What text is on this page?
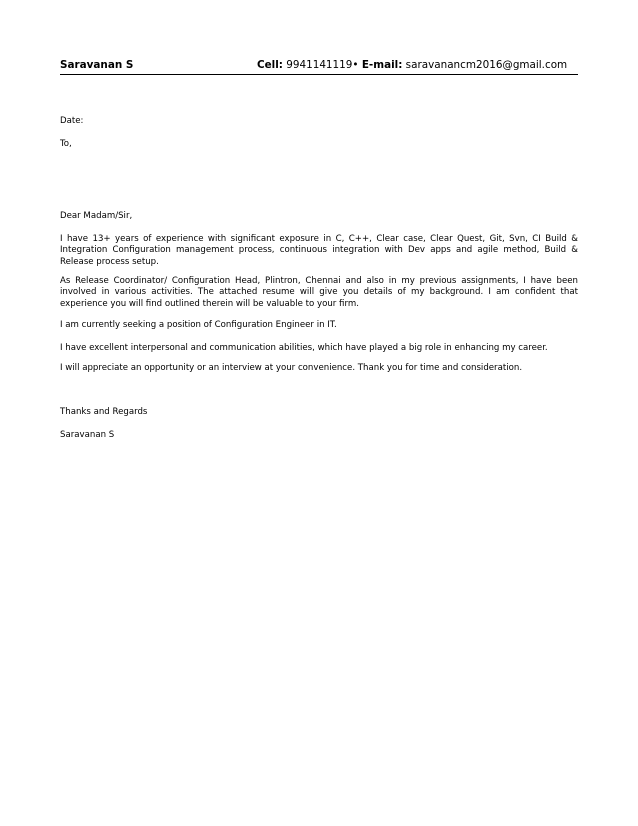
Saravanan S	Cell: 9941141119• E-mail: saravanancm2016@gmail.com

Date:

To,

Dear Madam/Sir,

I have 13+ years of experience with significant exposure in C, C++, Clear case, Clear Quest, Git, Svn, CI Build & Integration Configuration management process, continuous integration with Dev apps and agile method, Build & Release process setup.

As Release Coordinator/ Configuration Head, Plintron, Chennai and also in my previous assignments, I have been involved in various activities. The attached resume will give you details of my background. I am confident that experience you will find outlined therein will be valuable to your firm.

I am currently seeking a position of Configuration Engineer in IT.

I have excellent interpersonal and communication abilities, which have played a big role in enhancing my career.

I will appreciate an opportunity or an interview at your convenience. Thank you for time and consideration.

Thanks and Regards

Saravanan S
